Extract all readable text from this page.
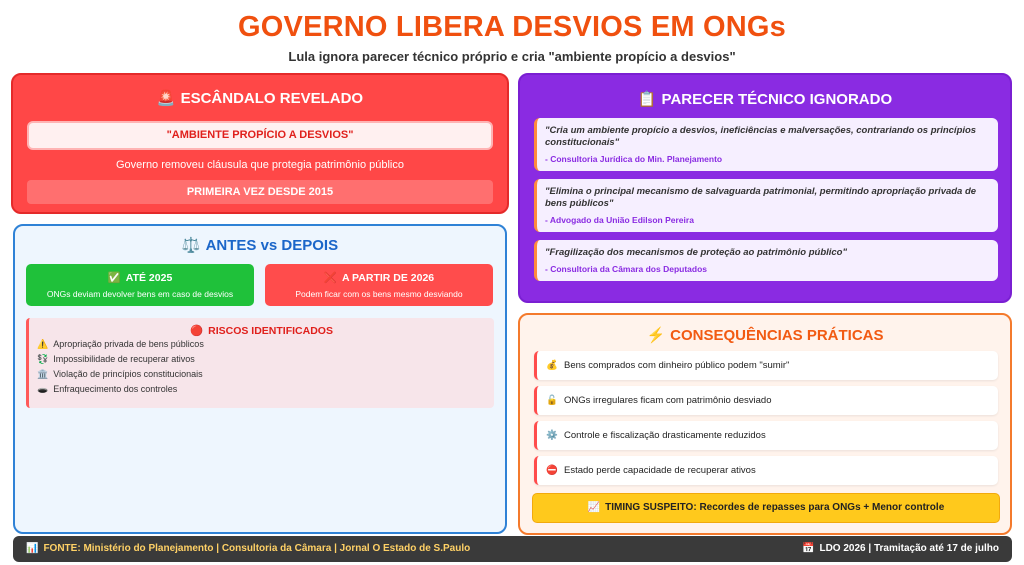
GOVERNO LIBERA DESVIOS EM ONGs
Lula ignora parecer técnico próprio e cria "ambiente propício a desvios"
🚨 ESCÂNDALO REVELADO
"AMBIENTE PROPÍCIO A DESVIOS"
Governo removeu cláusula que protegia patrimônio público
PRIMEIRA VEZ DESDE 2015
📋 PARECER TÉCNICO IGNORADO
"Cria um ambiente propício a desvios, ineficiências e malversações, contrariando os princípios constitucionais"
- Consultoria Jurídica do Min. Planejamento
"Elimina o principal mecanismo de salvaguarda patrimonial, permitindo apropriação privada de bens públicos"
- Advogado da União Edilson Pereira
"Fragilização dos mecanismos de proteção ao patrimônio público"
- Consultoria da Câmara dos Deputados
⚖️ ANTES vs DEPOIS
✅ ATÉ 2025
ONGs deviam devolver bens em caso de desvios
❌ A PARTIR DE 2026
Podem ficar com os bens mesmo desviando
🔴 RISCOS IDENTIFICADOS
⚠️ Apropriação privada de bens públicos
💱 Impossibilidade de recuperar ativos
🏛️ Violação de princípios constitucionais
🕳️ Enfraquecimento dos controles
⚡ CONSEQUÊNCIAS PRÁTICAS
💰 Bens comprados com dinheiro público podem "sumir"
🔓 ONGs irregulares ficam com patrimônio desviado
⚙️ Controle e fiscalização drasticamente reduzidos
⛔ Estado perde capacidade de recuperar ativos
📈 TIMING SUSPEITO: Recordes de repasses para ONGs + Menor controle
📊 FONTE: Ministério do Planejamento | Consultoria da Câmara | Jornal O Estado de S.Paulo	📅 LDO 2026 | Tramitação até 17 de julho
